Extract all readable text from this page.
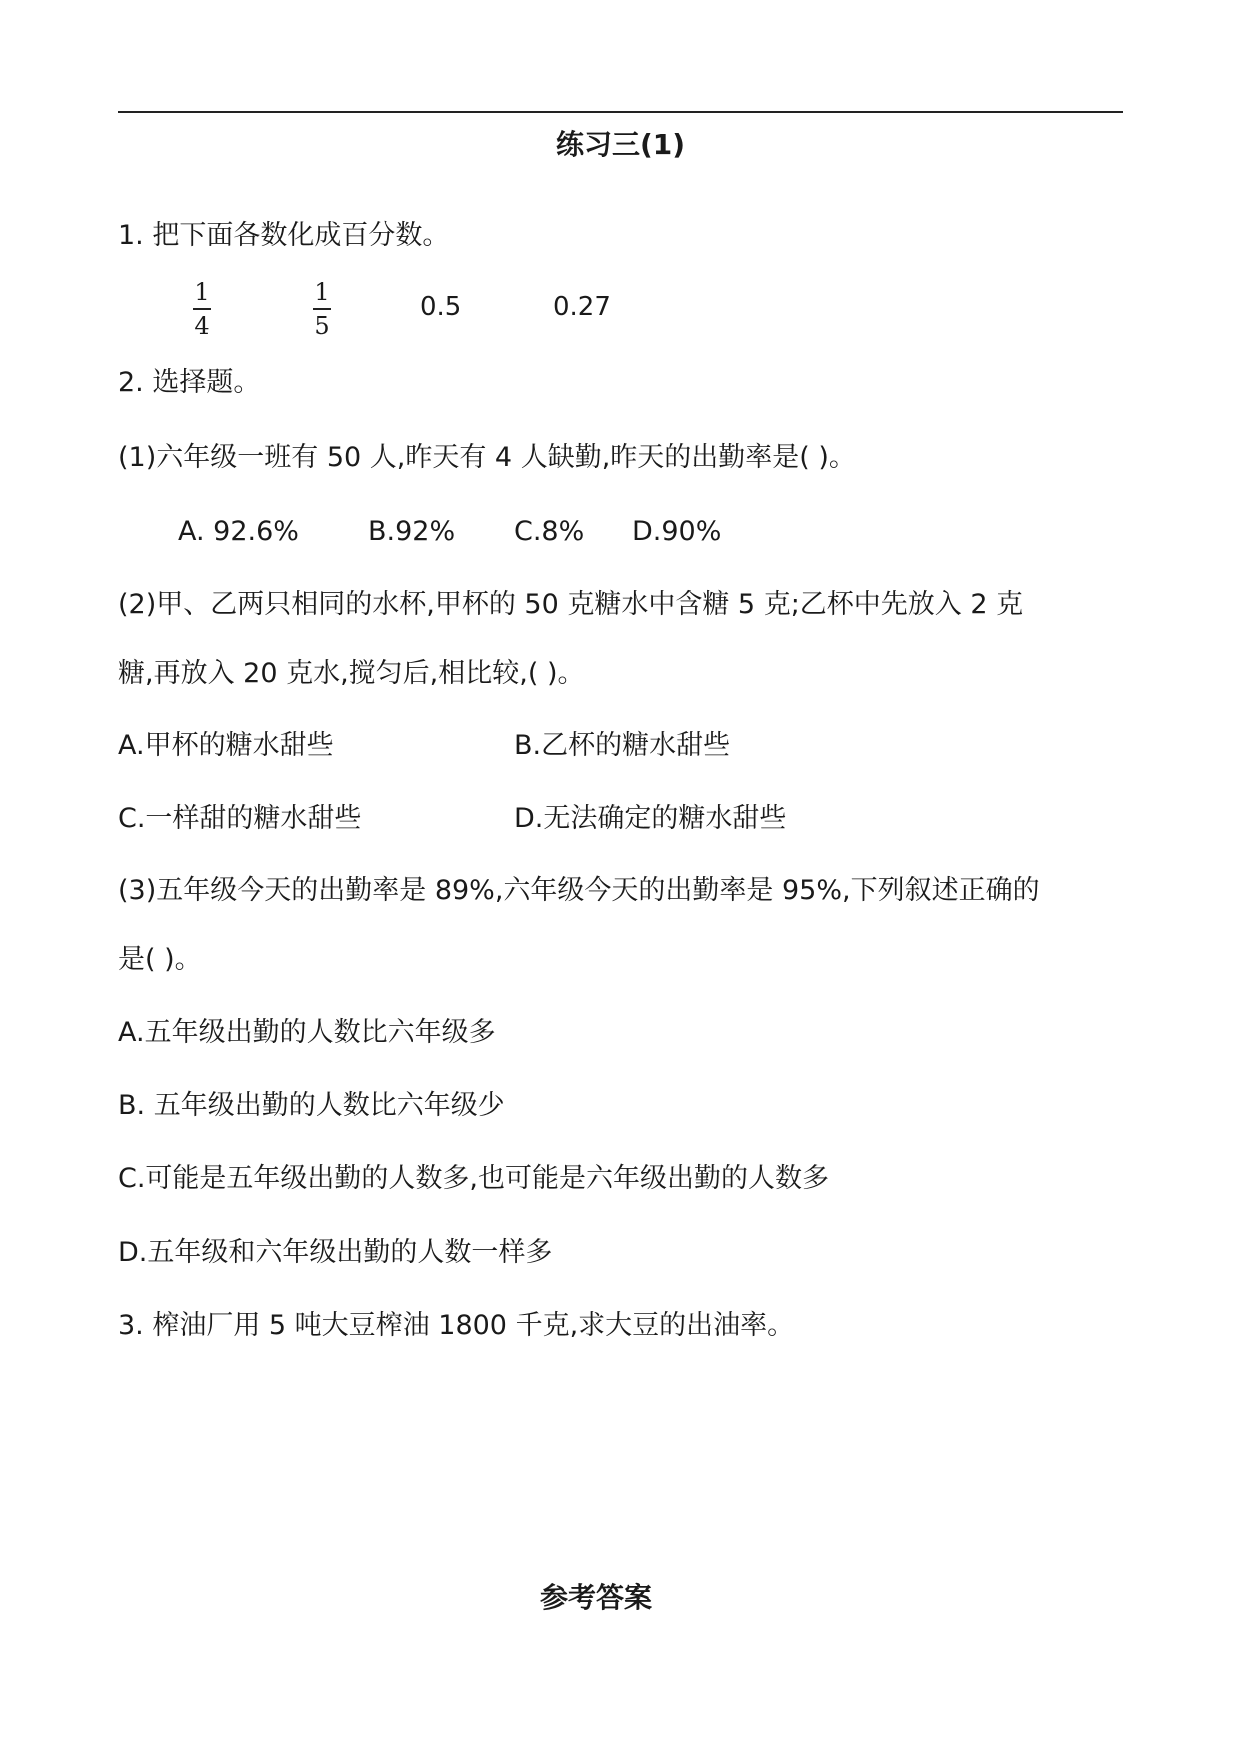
练习三(1)
1. 把下面各数化成百分数。
1
4
1
5
0.5	0.27
2. 选择题。
(1)六年级一班有 50 人,昨天有 4 人缺勤,昨天的出勤率是( )。
A. 92.6%	B.92% C.8% D.90%
(2)甲、乙两只相同的水杯,甲杯的 50 克糖水中含糖 5 克;乙杯中先放入 2 克
糖,再放入 20 克水,搅匀后,相比较,( )。
A.甲杯的糖水甜些	B.乙杯的糖水甜些
C.一样甜的糖水甜些	D.无法确定的糖水甜些
(3)五年级今天的出勤率是 89%,六年级今天的出勤率是 95%,下列叙述正确的
是( )。
A.五年级出勤的人数比六年级多
B. 五年级出勤的人数比六年级少
C.可能是五年级出勤的人数多,也可能是六年级出勤的人数多
D.五年级和六年级出勤的人数一样多
3. 榨油厂用 5 吨大豆榨油 1800 千克,求大豆的出油率。
参考答案
